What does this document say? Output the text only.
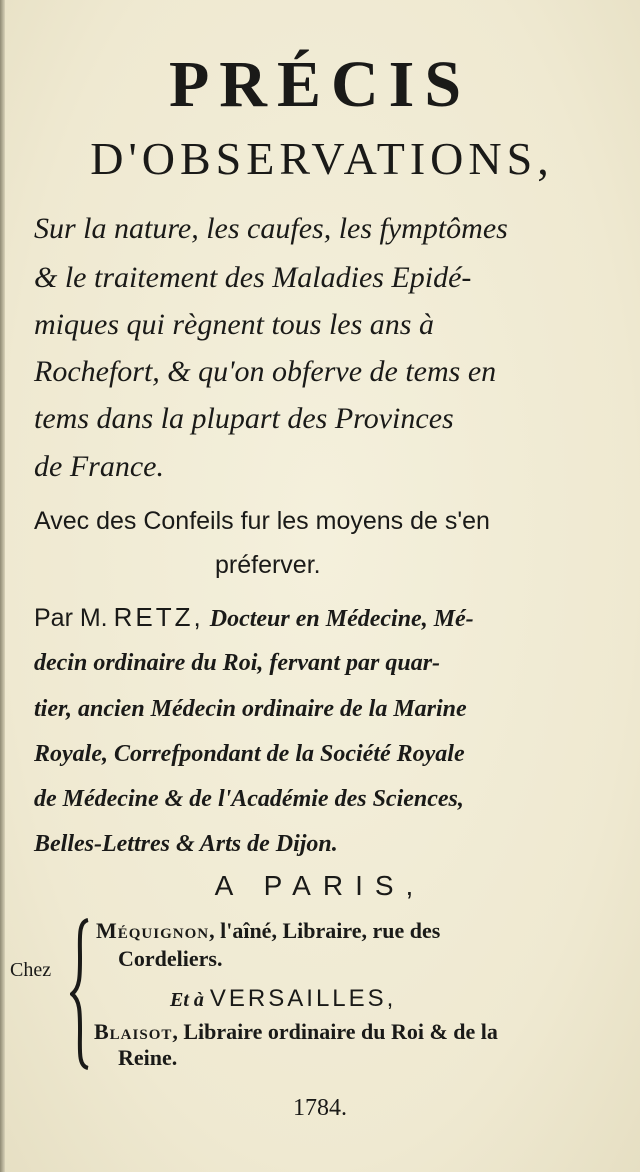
PRÉCIS
D'OBSERVATIONS,
Sur la nature, les caufes, les fymptômes
& le traitement des Maladies Epidé-
miques qui règnent tous les ans à
Rochefort, & qu'on obferve de tems en
tems dans la plupart des Provinces
de France.
Avec des Confeils fur les moyens de s'en
préferver.
Par M. RETZ, Docteur en Médecine, Mé-
decin ordinaire du Roi, fervant par quar-
tier, ancien Médecin ordinaire de la Marine
Royale, Correfpondant de la Société Royale
de Médecine & de l'Académie des Sciences,
Belles-Lettres & Arts de Dijon.
A PARIS,
Méquignon, l'aîné, Libraire, rue des
Cordeliers.
Chez
Et à VERSAILLES,
Blaisot, Libraire ordinaire du Roi & de la
Reine.
1784.
